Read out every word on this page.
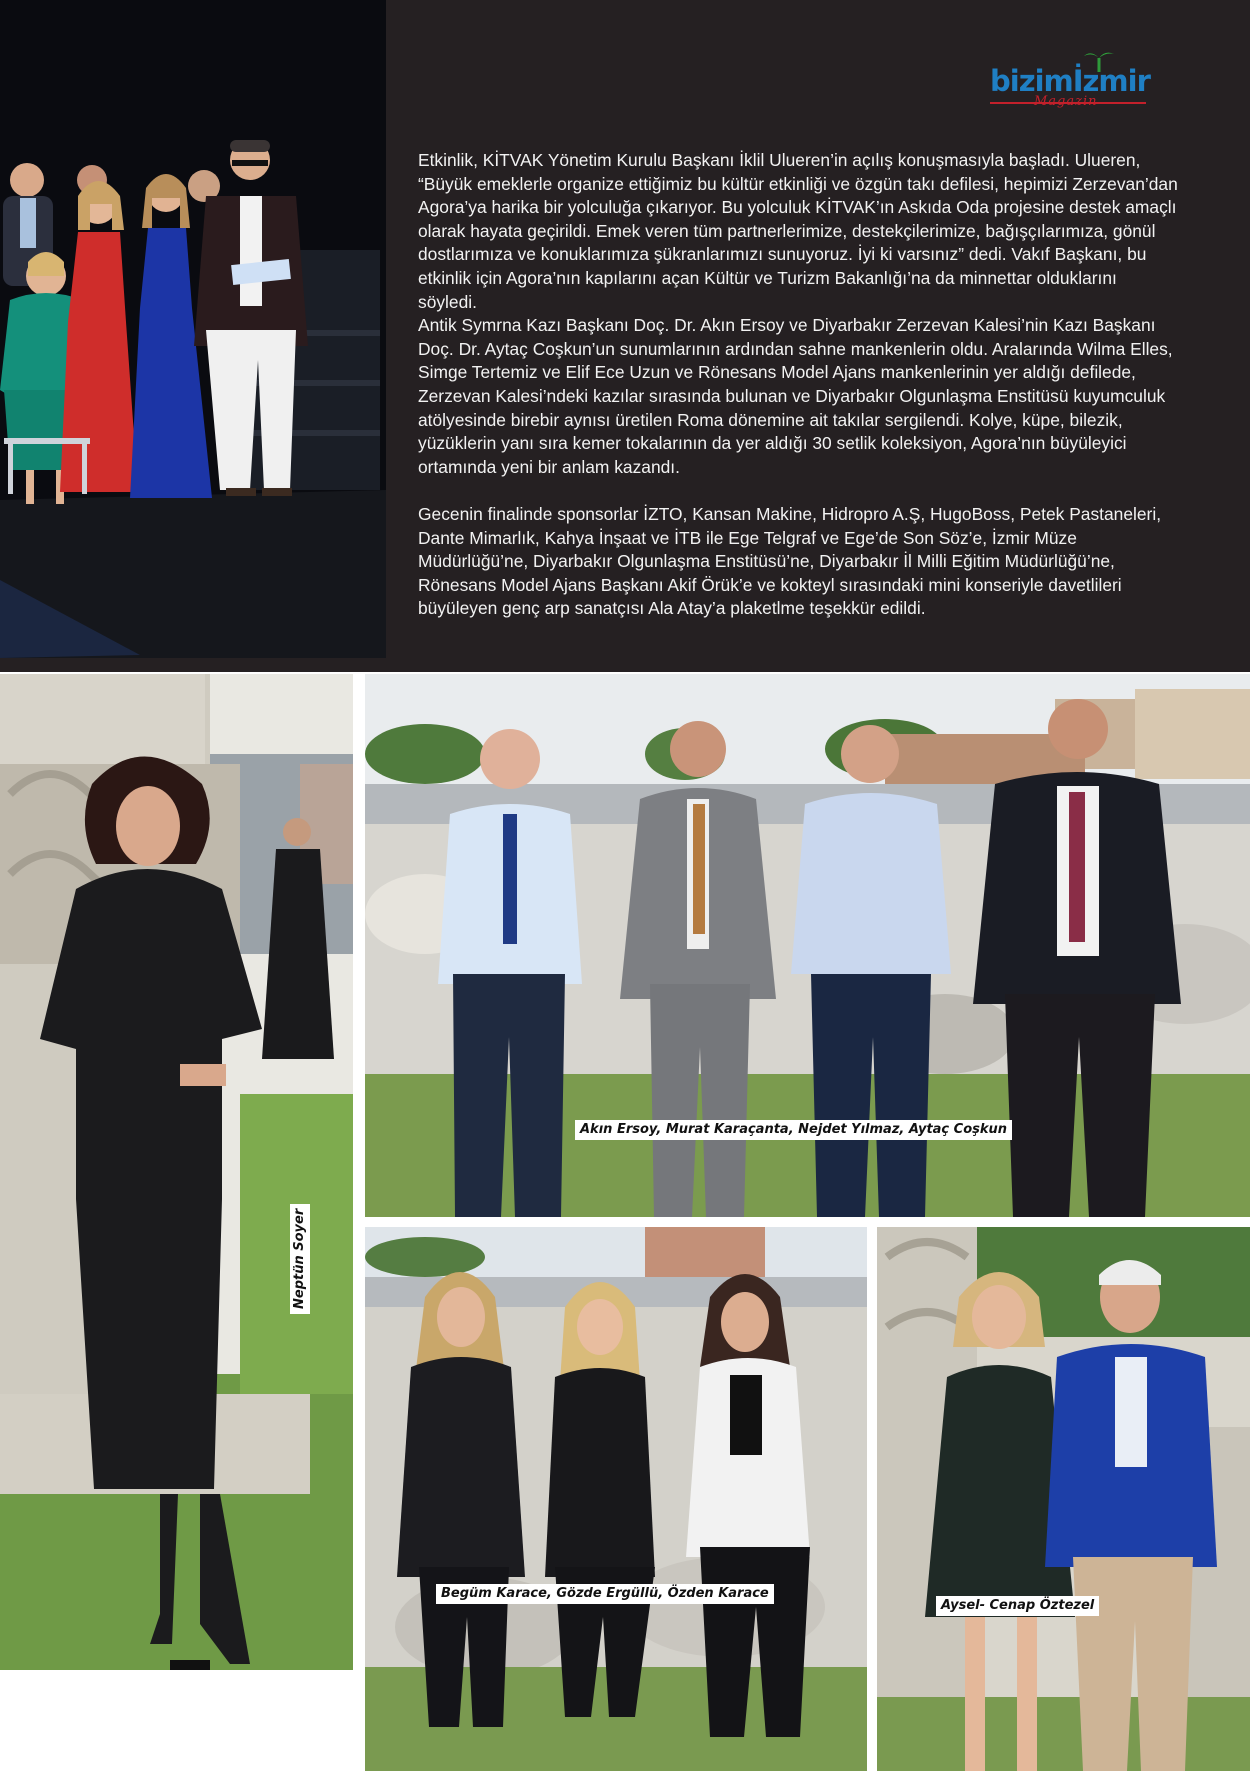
bizimİzmir
Magazin

Etkinlik, KİTVAK Yönetim Kurulu Başkanı İklil Ulueren’in açılış konuşmasıyla başladı. Ulueren, “Büyük emeklerle organize ettiğimiz bu kültür etkinliği ve özgün takı defilesi, hepimizi Zerzevan’dan Agora’ya harika bir yolculuğa çıkarıyor. Bu yolculuk KİTVAK’ın Askıda Oda projesine destek amaçlı olarak hayata geçirildi. Emek veren tüm partnerlerimize, destekçilerimize, bağışçılarımıza, gönül dostlarımıza ve konuklarımıza şükranlarımızı sunuyoruz. İyi ki varsınız” dedi. Vakıf Başkanı, bu etkinlik için Agora’nın kapılarını açan Kültür ve Turizm Bakanlığı’na da minnettar olduklarını söyledi.

Antik Symrna Kazı Başkanı Doç. Dr. Akın Ersoy ve Diyarbakır Zerzevan Kalesi’nin Kazı Başkanı Doç. Dr. Aytaç Coşkun’un sunumlarının ardından sahne mankenlerin oldu. Aralarında Wilma Elles, Simge Tertemiz ve Elif Ece Uzun ve Rönesans Model Ajans mankenlerinin yer aldığı defilede, Zerzevan Kalesi’ndeki kazılar sırasında bulunan ve Diyarbakır Olgunlaşma Enstitüsü kuyumculuk atölyesinde birebir aynısı üretilen Roma dönemine ait takılar sergilendi. Kolye, küpe, bilezik, yüzüklerin yanı sıra kemer tokalarının da yer aldığı 30 setlik koleksiyon, Agora’nın büyüleyici ortamında yeni bir anlam kazandı.

Gecenin finalinde sponsorlar İZTO, Kansan Makine, Hidropro A.Ş, HugoBoss, Petek Pastaneleri, Dante Mimarlık, Kahya İnşaat ve İTB ile Ege Telgraf ve Ege’de Son Söz’e, İzmir Müze Müdürlüğü’ne, Diyarbakır Olgunlaşma Enstitüsü’ne, Diyarbakır İl Milli Eğitim Müdürlüğü’ne, Rönesans Model Ajans Başkanı Akif Örük’e ve kokteyl sırasındaki mini konseriyle davetlileri büyüleyen genç arp sanatçısı Ala Atay’a plaketlme teşekkür edildi.

Neptün Soyer
Akın Ersoy, Murat Karaçanta, Nejdet Yılmaz, Aytaç Coşkun
Begüm Karace, Gözde Ergüllü, Özden Karace
Aysel- Cenap Öztezel
